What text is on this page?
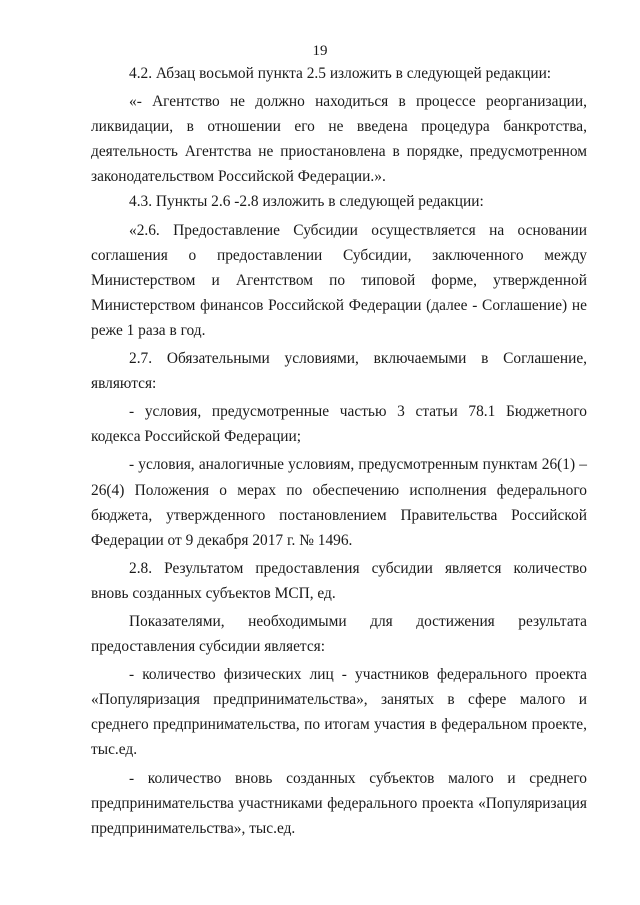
19

4.2. Абзац восьмой пункта 2.5 изложить в следующей редакции:

«- Агентство не должно находиться в процессе реорганизации, ликвидации, в отношении его не введена процедура банкротства, деятельность Агентства не приостановлена в порядке, предусмотренном законодательством Российской Федерации.».

4.3. Пункты 2.6 -2.8 изложить в следующей редакции:

«2.6. Предоставление Субсидии осуществляется на основании соглашения о предоставлении Субсидии, заключенного между Министерством и Агентством по типовой форме, утвержденной Министерством финансов Российской Федерации (далее - Соглашение) не реже 1 раза в год.

2.7. Обязательными условиями, включаемыми в Соглашение, являются:

- условия, предусмотренные частью 3 статьи 78.1 Бюджетного кодекса Российской Федерации;

- условия, аналогичные условиям, предусмотренным пунктам 26(1) – 26(4) Положения о мерах по обеспечению исполнения федерального бюджета, утвержденного постановлением Правительства Российской Федерации от 9 декабря 2017 г. № 1496.

2.8. Результатом предоставления субсидии является количество вновь созданных субъектов МСП, ед.

Показателями, необходимыми для достижения результата предоставления субсидии является:

- количество физических лиц - участников федерального проекта «Популяризация предпринимательства», занятых в сфере малого и среднего предпринимательства, по итогам участия в федеральном проекте, тыс.ед.

- количество вновь созданных субъектов малого и среднего предпринимательства участниками федерального проекта «Популяризация предпринимательства», тыс.ед.
